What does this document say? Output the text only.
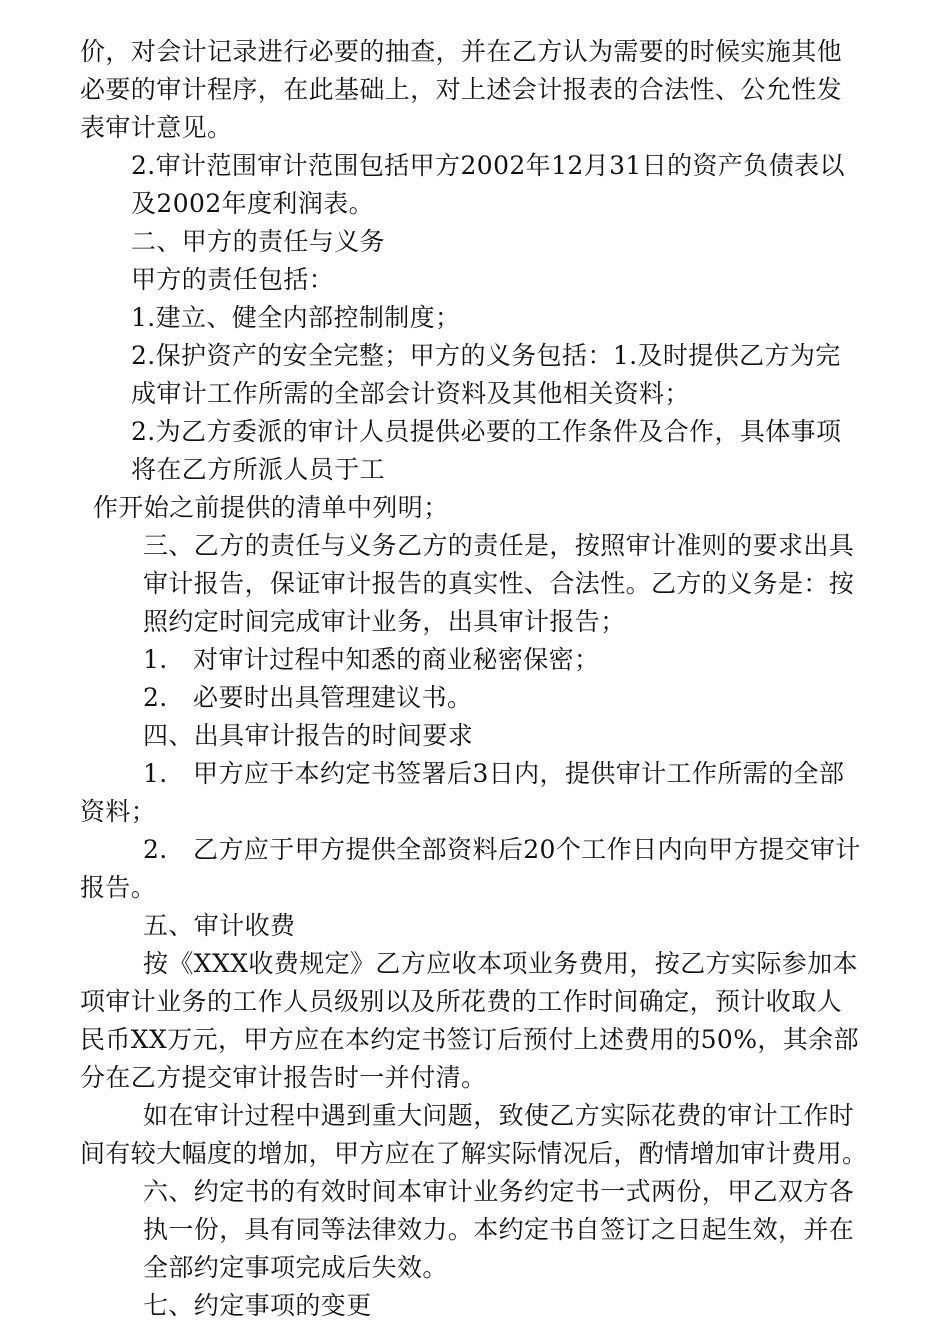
价，对会计记录进行必要的抽查，并在乙方认为需要的时候实施其他
必要的审计程序，在此基础上，对上述会计报表的合法性、公允性发
表审计意见。
2.审计范围审计范围包括甲方2002年12月31日的资产负债表以
及2002年度利润表。
二、甲方的责任与义务
甲方的责任包括：
1.建立、健全内部控制制度；
2.保护资产的安全完整；甲方的义务包括：1.及时提供乙方为完
成审计工作所需的全部会计资料及其他相关资料；
2.为乙方委派的审计人员提供必要的工作条件及合作，具体事项
将在乙方所派人员于工
作开始之前提供的清单中列明；
三、乙方的责任与义务乙方的责任是，按照审计准则的要求出具
审计报告，保证审计报告的真实性、合法性。乙方的义务是：按
照约定时间完成审计业务，出具审计报告；
1.　对审计过程中知悉的商业秘密保密；
2.　必要时出具管理建议书。
四、出具审计报告的时间要求
1.　甲方应于本约定书签署后3日内，提供审计工作所需的全部
资料；
2.　乙方应于甲方提供全部资料后20个工作日内向甲方提交审计
报告。
五、审计收费
按《XXX收费规定》乙方应收本项业务费用，按乙方实际参加本
项审计业务的工作人员级别以及所花费的工作时间确定，预计收取人
民币XX万元，甲方应在本约定书签订后预付上述费用的50%，其余部
分在乙方提交审计报告时一并付清。
如在审计过程中遇到重大问题，致使乙方实际花费的审计工作时
间有较大幅度的增加，甲方应在了解实际情况后，酌情增加审计费用。
六、约定书的有效时间本审计业务约定书一式两份，甲乙双方各
执一份，具有同等法律效力。本约定书自签订之日起生效，并在
全部约定事项完成后失效。
七、约定事项的变更
